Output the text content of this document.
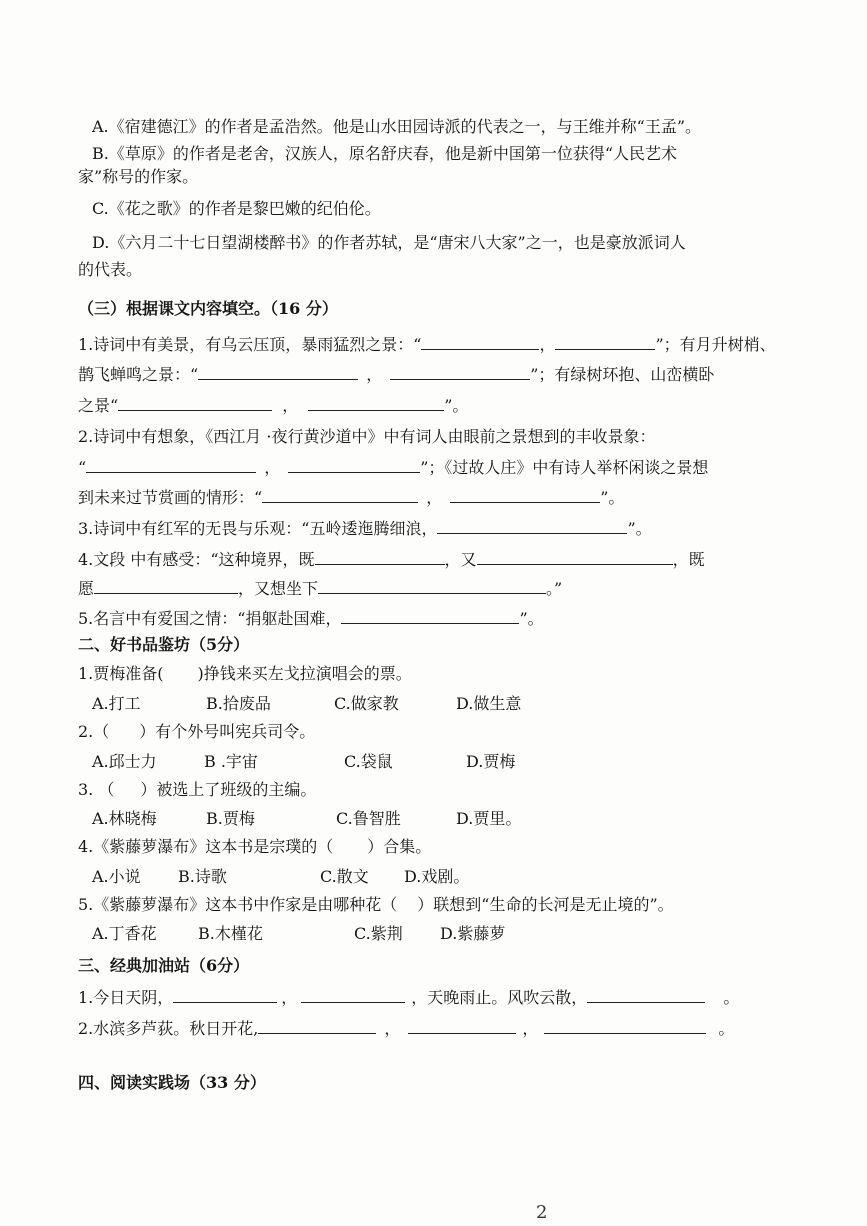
A.《宿建德江》的作者是孟浩然。他是山水田园诗派的代表之一，与王维并称“王孟”。
B.《草原》的作者是老舍，汉族人，原名舒庆春，他是新中国第一位获得“人民艺术
家”称号的作家。
C.《花之歌》的作者是黎巴嫩的纪伯伦。
D.《六月二十七日望湖楼醉书》的作者苏轼，是“唐宋八大家”之一，也是豪放派词人
的代表。
（三）根据课文内容填空。（16 分）
1.诗词中有美景，有乌云压顶，暴雨猛烈之景：“	，	”；有月升树梢、
鹊飞蝉鸣之景：“	，	”；有绿树环抱、山峦横卧
之景“	，	”。
2.诗词中有想象，《西江月 ·夜行黄沙道中》中有词人由眼前之景想到的丰收景象：
“	，	”；《过故人庄》中有诗人举杯闲谈之景想
到未来过节赏画的情形：“	，	”。
3.诗词中有红军的无畏与乐观：“五岭逶迤腾细浪，	”。
4.文段 中有感受：“这种境界，既	，又	，既
愿	，又想坐下	。”
5.名言中有爱国之情：“捐躯赴国难，	”。
二、好书品鉴坊（5分）
1.贾梅准备( )挣钱来买左戈拉演唱会的票。
A.打工	B.拾废品	C.做家教	D.做生意
2.（ ）有个外号叫宪兵司令。
A.邱士力	B .宇宙	C.袋鼠	D.贾梅
3. （ ）被选上了班级的主编。
A.林晓梅	B.贾梅	C.鲁智胜	D.贾里。
4.《紫藤萝瀑布》这本书是宗璞的（ ）合集。
A.小说 B.诗歌	C.散文 D.戏剧。
5.《紫藤萝瀑布》这本书中作家是由哪种花（ ）联想到“生命的长河是无止境的”。
A.丁香花	B.木槿花	C.紫荆 D.紫藤萝
三、经典加油站（6分）
1.今日天阴，	，	，天晚雨止。风吹云散，	。
2.水滨多芦荻。秋日开花,	，	，	。
四、阅读实践场（33 分）
2
